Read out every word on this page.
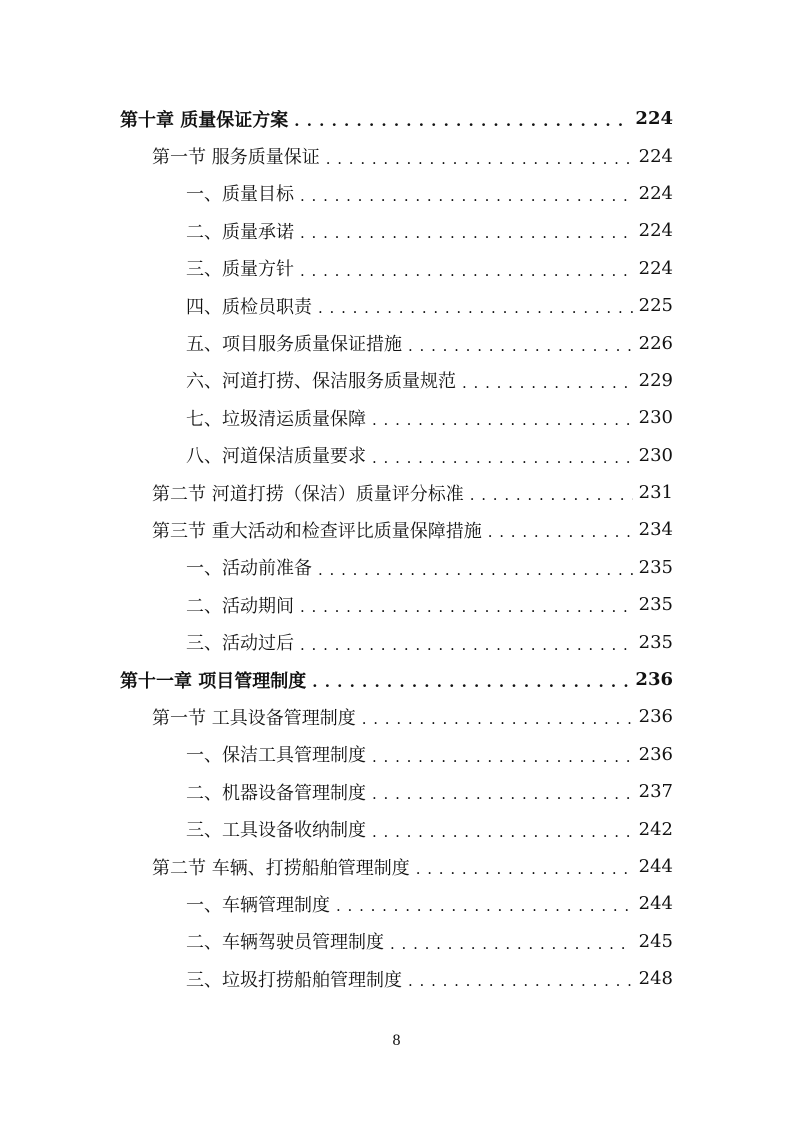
第十章 质量保证方案 . . .	224
第一节 服务质量保证 . . .	224
一、质量目标 . . .	224
二、质量承诺 . . .	224
三、质量方针 . . .	224
四、质检员职责 . . .	225
五、项目服务质量保证措施 . . .	226
六、河道打捞、保洁服务质量规范 . . .	229
七、垃圾清运质量保障 . . .	230
八、河道保洁质量要求 . . .	230
第二节 河道打捞（保洁）质量评分标准 . . .	231
第三节 重大活动和检查评比质量保障措施 . . .	234
一、活动前准备 . . .	235
二、活动期间 . . .	235
三、活动过后 . . .	235
第十一章 项目管理制度 . . .	236
第一节 工具设备管理制度 . . .	236
一、保洁工具管理制度 . . .	236
二、机器设备管理制度 . . .	237
三、工具设备收纳制度 . . .	242
第二节 车辆、打捞船舶管理制度 . . .	244
一、车辆管理制度 . . .	244
二、车辆驾驶员管理制度 . . .	245
三、垃圾打捞船舶管理制度 . . .	248
8
